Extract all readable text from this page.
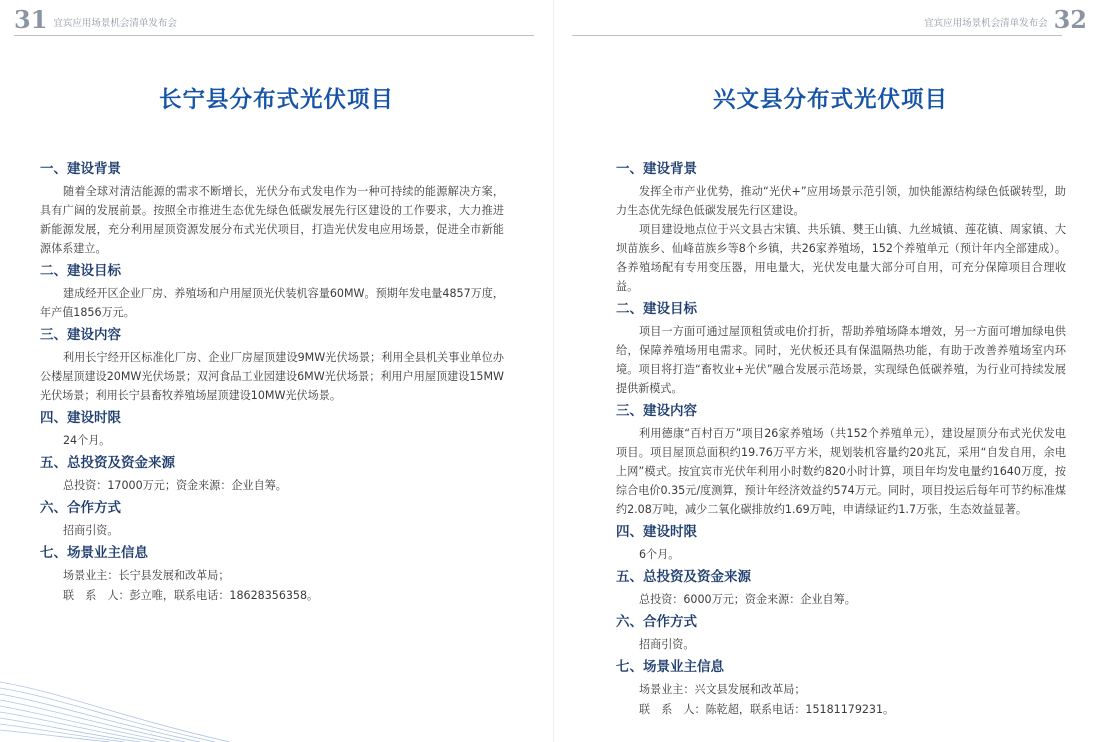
31 宜宾应用场景机会清单发布会
长宁县分布式光伏项目
一、建设背景
随着全球对清洁能源的需求不断增长，光伏分布式发电作为一种可持续的能源解决方案，具有广阔的发展前景。按照全市推进生态优先绿色低碳发展先行区建设的工作要求，大力推进新能源发展，充分利用屋顶资源发展分布式光伏项目，打造光伏发电应用场景，促进全市新能源体系建立。
二、建设目标
建成经开区企业厂房、养殖场和户用屋顶光伏装机容量60MW。预期年发电量4857万度，年产值1856万元。
三、建设内容
利用长宁经开区标准化厂房、企业厂房屋顶建设9MW光伏场景；利用全县机关事业单位办公楼屋顶建设20MW光伏场景；双河食品工业园建设6MW光伏场景；利用户用屋顶建设15MW光伏场景；利用长宁县畜牧养殖场屋顶建设10MW光伏场景。
四、建设时限
24个月。
五、总投资及资金来源
总投资：17000万元；资金来源：企业自筹。
六、合作方式
招商引资。
七、场景业主信息
场景业主：长宁县发展和改革局；
联　系　人：彭立唯，联系电话：18628356358。
宜宾应用场景机会清单发布会 32
兴文县分布式光伏项目
一、建设背景
发挥全市产业优势，推动“光伏+”应用场景示范引领，加快能源结构绿色低碳转型，助力生态优先绿色低碳发展先行区建设。
项目建设地点位于兴文县古宋镇、共乐镇、僰王山镇、九丝城镇、莲花镇、周家镇、大坝苗族乡、仙峰苗族乡等8个乡镇，共26家养殖场，152个养殖单元（预计年内全部建成）。各养殖场配有专用变压器，用电量大，光伏发电量大部分可自用，可充分保障项目合理收益。
二、建设目标
项目一方面可通过屋顶租赁或电价打折，帮助养殖场降本增效，另一方面可增加绿电供给，保障养殖场用电需求。同时，光伏板还具有保温隔热功能，有助于改善养殖场室内环境。项目将打造“畜牧业+光伏”融合发展示范场景，实现绿色低碳养殖，为行业可持续发展提供新模式。
三、建设内容
利用德康“百村百万”项目26家养殖场（共152个养殖单元），建设屋顶分布式光伏发电项目。项目屋顶总面积约19.76万平方米，规划装机容量约20兆瓦，采用“自发自用，余电上网”模式。按宜宾市光伏年利用小时数约820小时计算，项目年均发电量约1640万度，按综合电价0.35元/度测算，预计年经济效益约574万元。同时，项目投运后每年可节约标准煤约2.08万吨，减少二氧化碳排放约1.69万吨，申请绿证约1.7万张，生态效益显著。
四、建设时限
6个月。
五、总投资及资金来源
总投资：6000万元；资金来源：企业自筹。
六、合作方式
招商引资。
七、场景业主信息
场景业主：兴文县发展和改革局；
联　系　人：陈乾超，联系电话：15181179231。
